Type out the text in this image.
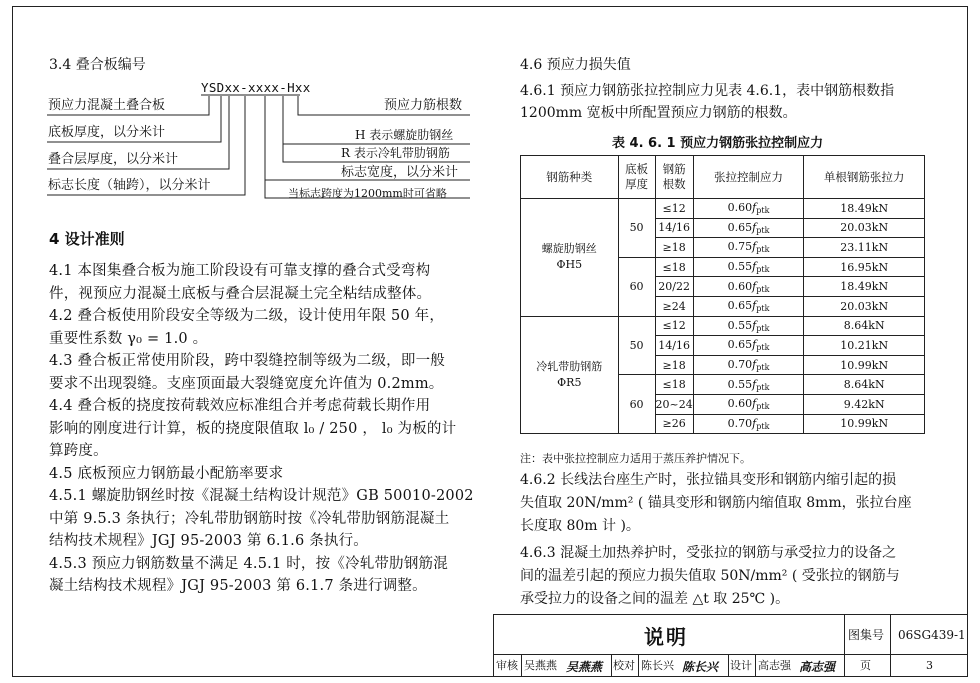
3.4 叠合板编号
YSDxx-xxxx-Hxx
预应力混凝土叠合板
底板厚度，以分米计
叠合层厚度，以分米计
标志长度（轴跨），以分米计
预应力筋根数
H 表示螺旋肋钢丝
R 表示冷轧带肋钢筋
标志宽度，以分米计
当标志跨度为1200mm时可省略
4 设计准则

4.1 本图集叠合板为施工阶段设有可靠支撑的叠合式受弯构

件，视预应力混凝土底板与叠合层混凝土完全粘结成整体。

4.2 叠合板使用阶段安全等级为二级，设计使用年限 50 年，

重要性系数 γ₀ = 1.0 。

4.3 叠合板正常使用阶段，跨中裂缝控制等级为二级，即一般

要求不出现裂缝。支座顶面最大裂缝宽度允许值为 0.2mm。

4.4 叠合板的挠度按荷载效应标准组合并考虑荷载长期作用

影响的刚度进行计算，板的挠度限值取 l₀ / 250 ， l₀ 为板的计

算跨度。

4.5 底板预应力钢筋最小配筋率要求

4.5.1 螺旋肋钢丝时按《混凝土结构设计规范》GB 50010-2002

中第 9.5.3 条执行；冷轧带肋钢筋时按《冷轧带肋钢筋混凝土

结构技术规程》JGJ 95-2003 第 6.1.6 条执行。

4.5.3 预应力钢筋数量不满足 4.5.1 时，按《冷轧带肋钢筋混

凝土结构技术规程》JGJ 95-2003 第 6.1.7 条进行调整。

4.6 预应力损失值
4.6.1 预应力钢筋张拉控制应力见表 4.6.1，表中钢筋根数指
1200mm 宽板中所配置预应力钢筋的根数。
表 4. 6. 1 预应力钢筋张拉控制应力
钢筋种类	底板厚度	钢筋根数	张拉控制应力	单根钢筋张拉力

螺旋肋钢丝
ΦH5	50	≤12	$0.60f_{ptk}$	18.49kN
		14/16	$0.65f_{ptk}$	20.03kN
		≥18	$0.75f_{ptk}$	23.11kN
	60	≤18	$0.55f_{ptk}$	16.95kN
		20/22	$0.60f_{ptk}$	18.49kN
		≥24	$0.65f_{ptk}$	20.03kN

冷轧带肋钢筋
ΦR5	50	≤12	$0.55f_{ptk}$	8.64kN
		14/16	$0.65f_{ptk}$	10.21kN
		≥18	$0.70f_{ptk}$	10.99kN
	60	≤18	$0.55f_{ptk}$	8.64kN
		20~24	$0.60f_{ptk}$	9.42kN
		≥26	$0.70f_{ptk}$	10.99kN
注：表中张拉控制应力适用于蒸压养护情况下。
4.6.2 长线法台座生产时，张拉锚具变形和钢筋内缩引起的损
失值取 20N/mm² ( 锚具变形和钢筋内缩值取 8mm，张拉台座
长度取 80m 计 )。
4.6.3 混凝土加热养护时，受张拉的钢筋与承受拉力的设备之
间的温差引起的预应力损失值取 50N/mm² ( 受张拉的钢筋与
承受拉力的设备之间的温差 △t 取 25℃ )。
说明	图集号 06SG439-1
页	3
审核 吴燕燕 吴燕燕 校对 陈长兴 陈长兴 设计 高志强 高志强
